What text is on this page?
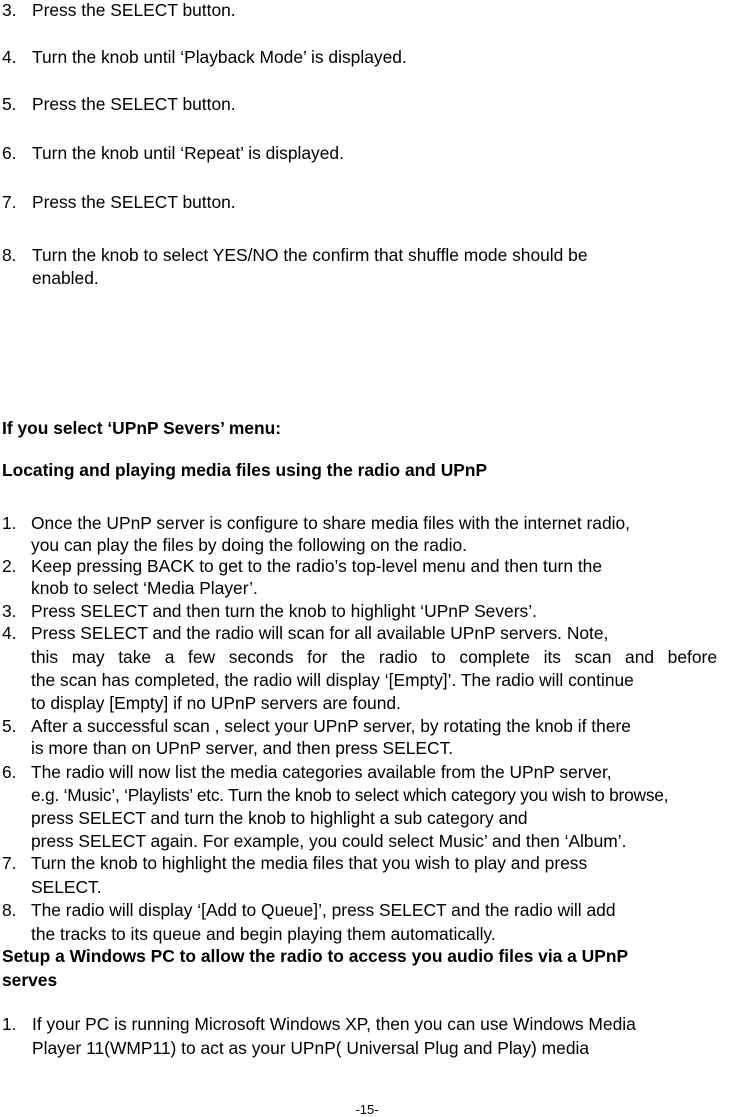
3. Press the SELECT button.
4. Turn the knob until ‘Playback Mode’ is displayed.
5. Press the SELECT button.
6. Turn the knob until ‘Repeat’ is displayed.
7. Press the SELECT button.
8. Turn the knob to select YES/NO the confirm that shuffle mode should be
enabled.
If you select ‘UPnP Severs’ menu:
Locating and playing media files using the radio and UPnP
1. Once the UPnP server is configure to share media files with the internet radio,
you can play the files by doing the following on the radio.
2. Keep pressing BACK to get to the radio’s top-level menu and then turn the
knob to select ‘Media Player’.
3. Press SELECT and then turn the knob to highlight ‘UPnP Severs’.
4. Press SELECT and the radio will scan for all available UPnP servers. Note,
this may take a few seconds for the radio to complete its scan and before
the scan has completed, the radio will display ‘[Empty]’. The radio will continue
to display [Empty] if no UPnP servers are found.
5. After a successful scan , select your UPnP server, by rotating the knob if there
is more than on UPnP server, and then press SELECT.
6. The radio will now list the media categories available from the UPnP server,
e.g. ‘Music’, ‘Playlists’ etc. Turn the knob to select which category you wish to browse,
press SELECT and turn the knob to highlight a sub category and
press SELECT again. For example, you could select Music’ and then ‘Album’.
7. Turn the knob to highlight the media files that you wish to play and press
SELECT.
8. The radio will display ‘[Add to Queue]’, press SELECT and the radio will add
the tracks to its queue and begin playing them automatically.
Setup a Windows PC to allow the radio to access you audio files via a UPnP
serves
1. If your PC is running Microsoft Windows XP, then you can use Windows Media
Player 11(WMP11) to act as your UPnP( Universal Plug and Play) media
-15-
